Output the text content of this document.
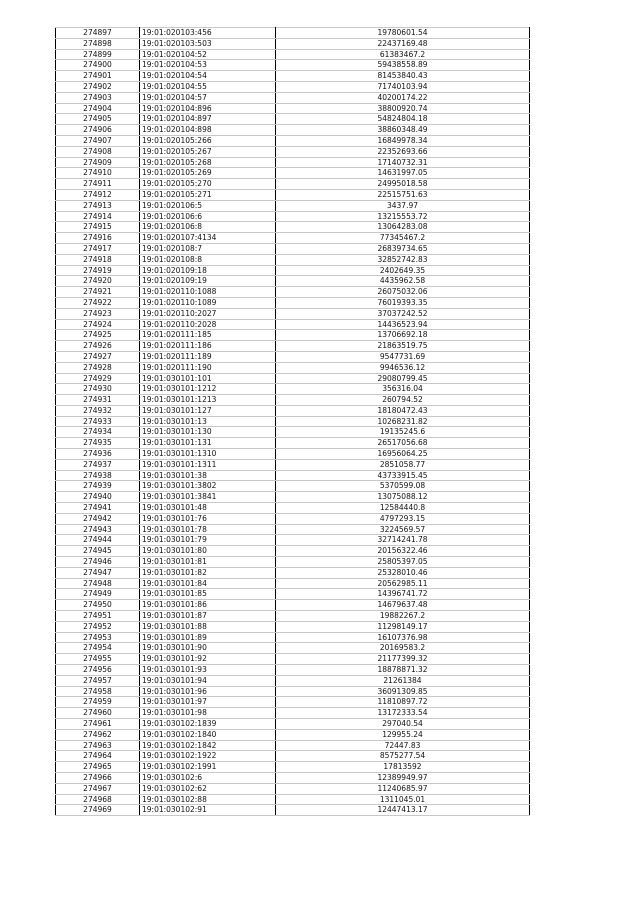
274897	19:01:020103:456	19780601.54
274898	19:01:020103:503	22437169.48
274899	19:01:020104:52	61383467.2
274900	19:01:020104:53	59438558.89
274901	19:01:020104:54	81453840.43
274902	19:01:020104:55	71740103.94
274903	19:01:020104:57	40200174.22
274904	19:01:020104:896	38800920.74
274905	19:01:020104:897	54824804.18
274906	19:01:020104:898	38860348.49
274907	19:01:020105:266	16849978.34
274908	19:01:020105:267	22352693.66
274909	19:01:020105:268	17140732.31
274910	19:01:020105:269	14631997.05
274911	19:01:020105:270	24995018.58
274912	19:01:020105:271	22515751.63
274913	19:01:020106:5	3437.97
274914	19:01:020106:6	13215553.72
274915	19:01:020106:8	13064283.08
274916	19:01:020107:4134	77345467.2
274917	19:01:020108:7	26839734.65
274918	19:01:020108:8	32852742.83
274919	19:01:020109:18	2402649.35
274920	19:01:020109:19	4435962.58
274921	19:01:020110:1088	26075032.06
274922	19:01:020110:1089	76019393.35
274923	19:01:020110:2027	37037242.52
274924	19:01:020110:2028	14436523.94
274925	19:01:020111:185	13706692.18
274926	19:01:020111:186	21863519.75
274927	19:01:020111:189	9547731.69
274928	19:01:020111:190	9946536.12
274929	19:01:030101:101	29080799.45
274930	19:01:030101:1212	356316.04
274931	19:01:030101:1213	260794.52
274932	19:01:030101:127	18180472.43
274933	19:01:030101:13	10268231.82
274934	19:01:030101:130	19135245.6
274935	19:01:030101:131	26517056.68
274936	19:01:030101:1310	16956064.25
274937	19:01:030101:1311	2851058.77
274938	19:01:030101:38	43733915.45
274939	19:01:030101:3802	5370599.08
274940	19:01:030101:3841	13075088.12
274941	19:01:030101:48	12584440.8
274942	19:01:030101:76	4797293.15
274943	19:01:030101:78	3224569.57
274944	19:01:030101:79	32714241.78
274945	19:01:030101:80	20156322.46
274946	19:01:030101:81	25805397.05
274947	19:01:030101:82	25328010.46
274948	19:01:030101:84	20562985.11
274949	19:01:030101:85	14396741.72
274950	19:01:030101:86	14679637.48
274951	19:01:030101:87	19882267.2
274952	19:01:030101:88	11298149.17
274953	19:01:030101:89	16107376.98
274954	19:01:030101:90	20169583.2
274955	19:01:030101:92	21177399.32
274956	19:01:030101:93	18878871.32
274957	19:01:030101:94	21261384
274958	19:01:030101:96	36091309.85
274959	19:01:030101:97	11810897.72
274960	19:01:030101:98	13172333.54
274961	19:01:030102:1839	297040.54
274962	19:01:030102:1840	129955.24
274963	19:01:030102:1842	72447.83
274964	19:01:030102:1922	8575277.54
274965	19:01:030102:1991	17813592
274966	19:01:030102:6	12389949.97
274967	19:01:030102:62	11240685.97
274968	19:01:030102:88	1311045.01
274969	19:01:030102:91	12447413.17
